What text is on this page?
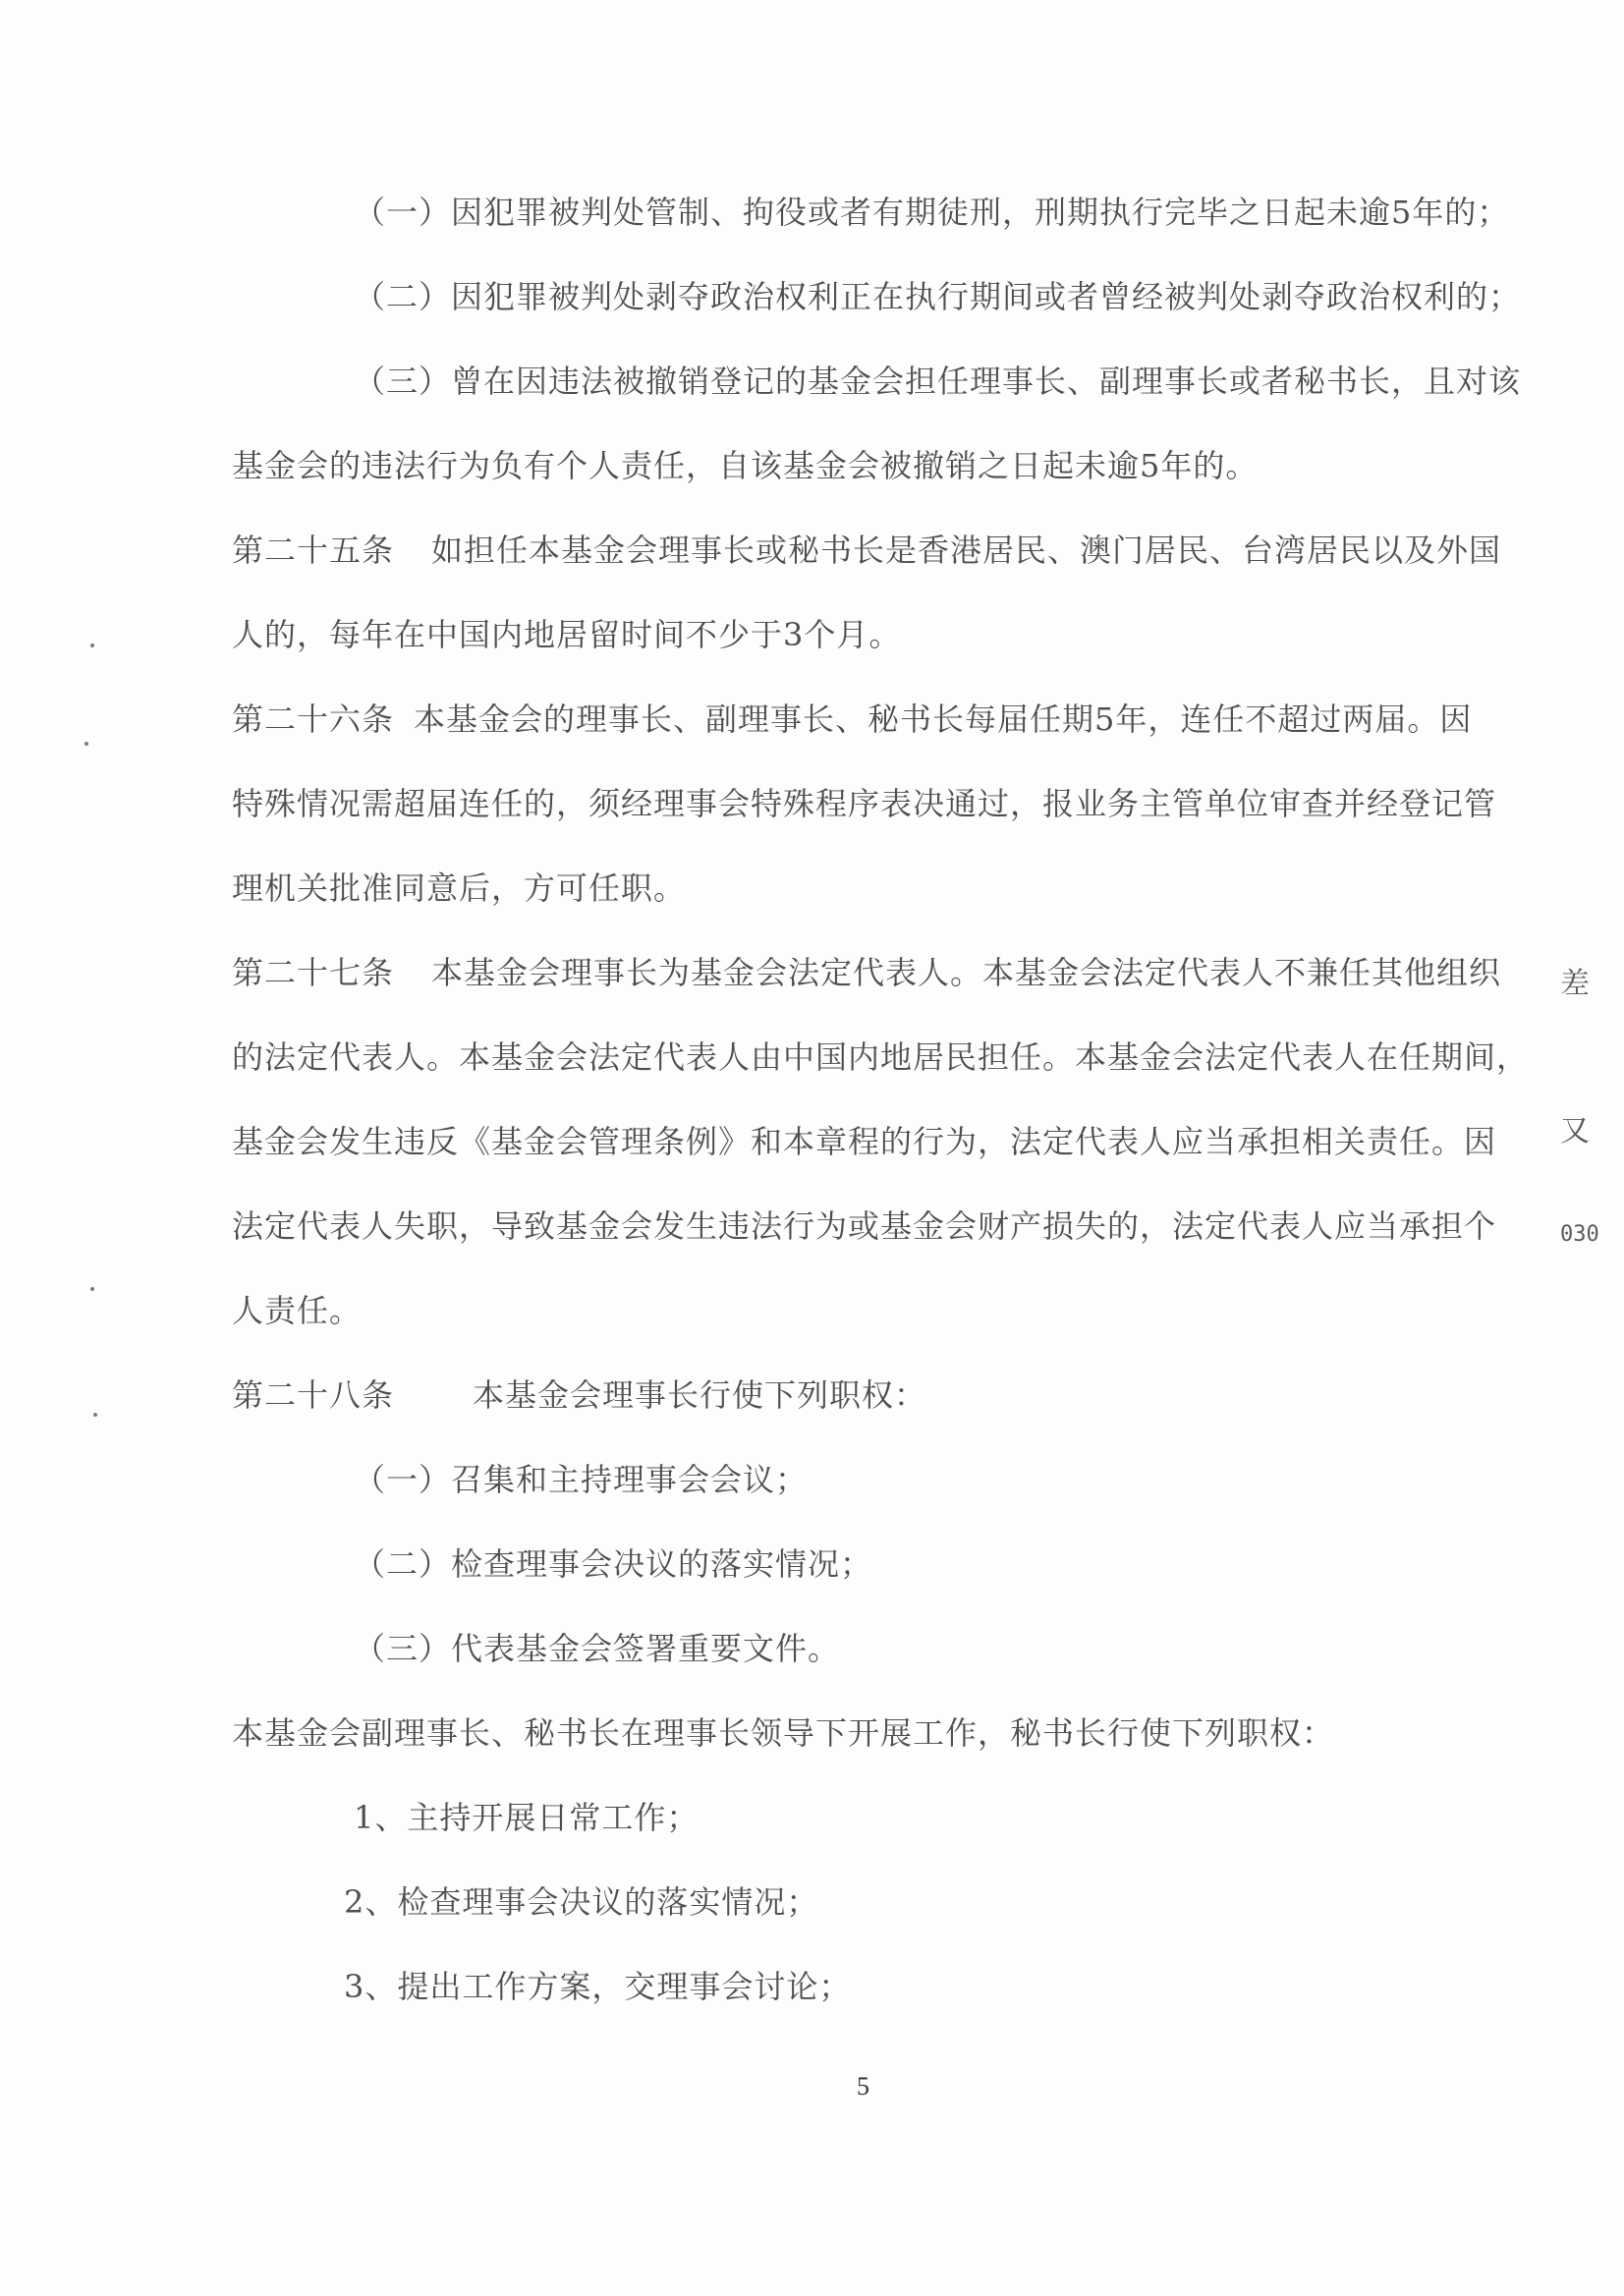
（一）因犯罪被判处管制、拘役或者有期徒刑，刑期执行完毕之日起未逾5年的；
（二）因犯罪被判处剥夺政治权利正在执行期间或者曾经被判处剥夺政治权利的；
（三）曾在因违法被撤销登记的基金会担任理事长、副理事长或者秘书长，且对该
基金会的违法行为负有个人责任，自该基金会被撤销之日起未逾5年的。
第二十五条 如担任本基金会理事长或秘书长是香港居民、澳门居民、台湾居民以及外国
人的，每年在中国内地居留时间不少于3个月。
第二十六条 本基金会的理事长、副理事长、秘书长每届任期5年，连任不超过两届。因
特殊情况需超届连任的，须经理事会特殊程序表决通过，报业务主管单位审查并经登记管
理机关批准同意后，方可任职。
第二十七条 本基金会理事长为基金会法定代表人。本基金会法定代表人不兼任其他组织
的法定代表人。本基金会法定代表人由中国内地居民担任。本基金会法定代表人在任期间，
基金会发生违反《基金会管理条例》和本章程的行为，法定代表人应当承担相关责任。因
法定代表人失职，导致基金会发生违法行为或基金会财产损失的，法定代表人应当承担个
人责任。
第二十八条	本基金会理事长行使下列职权：
（一）召集和主持理事会会议；
（二）检查理事会决议的落实情况；
（三）代表基金会签署重要文件。
本基金会副理事长、秘书长在理事长领导下开展工作，秘书长行使下列职权：
1、主持开展日常工作；
2、检查理事会决议的落实情况；
3、提出工作方案，交理事会讨论；
5
差
又
030
